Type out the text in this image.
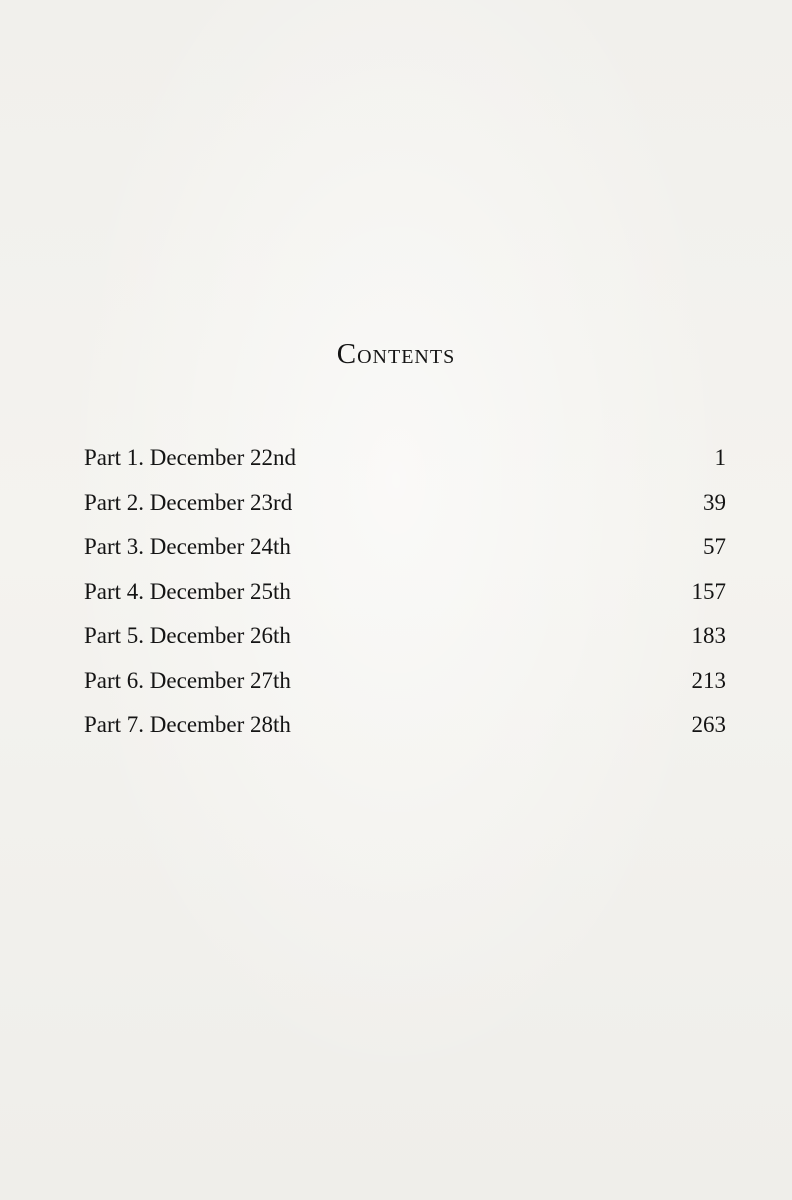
Contents
Part 1. December 22nd	1
Part 2. December 23rd	39
Part 3. December 24th	57
Part 4. December 25th	157
Part 5. December 26th	183
Part 6. December 27th	213
Part 7. December 28th	263
